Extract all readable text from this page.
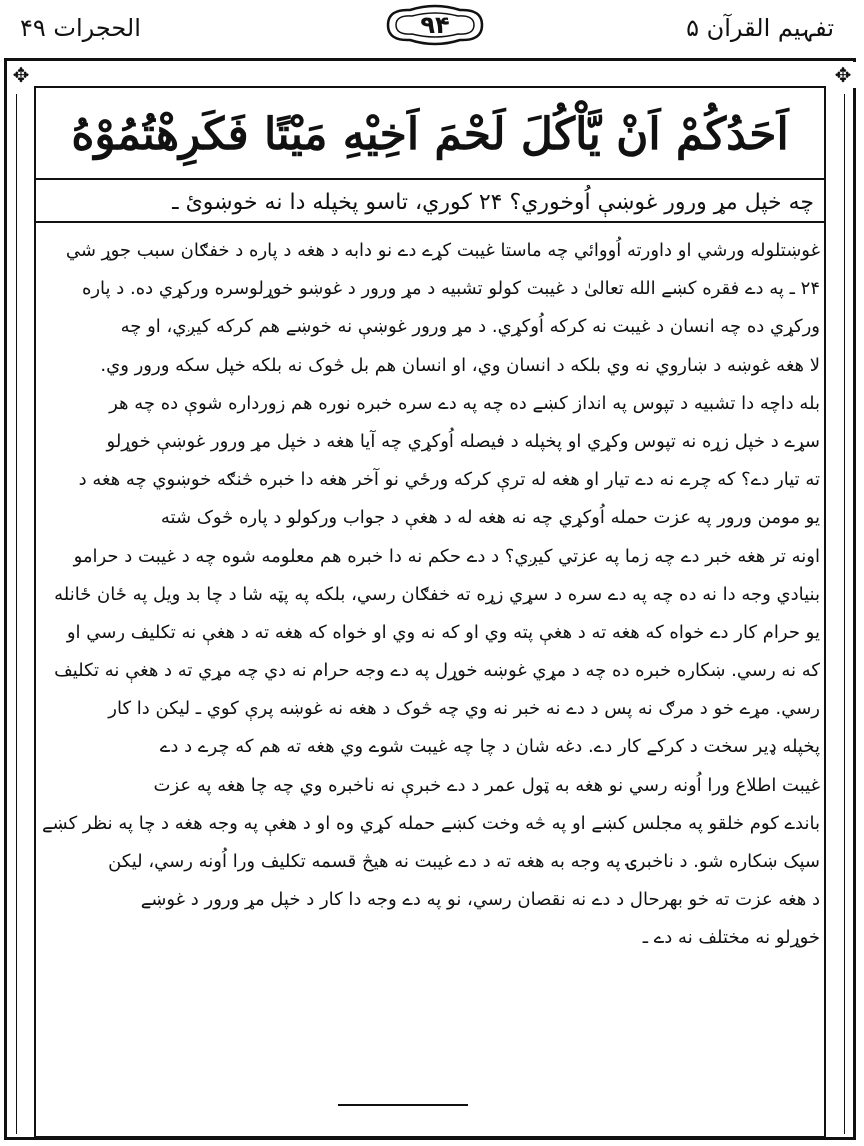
الحجرات ۴۹	۹۴	تفہیم القرآن ۵
✥	✥
اَحَدُكُمْ اَنْ يَّاْكُلَ لَحْمَ اَخِيْهِ مَيْتًا فَكَرِهْتُمُوْهُ
چه خپل مړ ورور غوښې اُوخوري؟ ۲۴ کوري، تاسو پخپله دا نه خوښوئ ـ

غوښتلوله ورشي او داورته اُووائي چه ماستا غيبت کړے دے نو دابه د هغه د پاره د خفګان سبب جوړ شي

۲۴ ـ په دے فقره کښے الله تعالىٰ د غيبت کولو تشبيه د مړ ورور د غوښو خوړلوسره ورکړي ده. د پاره

ورکړي ده چه انسان د غيبت نه کرکه اُوکړي. د مړ ورور غوښې نه خوښے هم کرکه کيږي، او چه

لا هغه غوښه د ښاروي نه وي بلکه د انسان وي، او انسان هم بل څوک نه بلکه خپل سکه ورور وي.

بله داچه دا تشبيه د تپوس په انداز کښے ده چه په دے سره خبره نوره هم زورداره شوې ده چه هر

سړے د خپل زړه نه تپوس وکړي او پخپله د فيصله اُوکړي چه آيا هغه د خپل مړ ورور غوښې خوړلو

ته تيار دے؟ که چرے نه دے تيار او هغه له ترې کرکه ورځي نو آخر هغه دا خبره څنګه خوښوي چه هغه د

يو مومن ورور په عزت حمله اُوکړي چه نه هغه له د هغې د جواب ورکولو د پاره څوک شته

اونه تر هغه خبر دے چه زما په عزتي کيږي؟ د دے حکم نه دا خبره هم معلومه شوه چه د غيبت د حرامو

بنيادي وجه دا نه ده چه په دے سره د سړي زړه ته خفګان رسي، بلکه په پټه شا د چا بد ويل په ځان ځانله

يو حرام کار دے خواه که هغه ته د هغې پته وي او که نه وي او خواه که هغه ته د هغې نه تکليف رسي او

که نه رسي. ښکاره خبره ده چه د مړي غوښه خوړل په دے وجه حرام نه دي چه مړي ته د هغې نه تکليف

رسي. مړے خو د مرګ نه پس د دے نه خبر نه وي چه څوک د هغه نه غوښه پرې کوي ـ ليکن دا کار

پخپله ډير سخت د کرکے کار دے. دغه شان د چا چه غيبت شوے وي هغه ته هم که چرے د دے

غيبت اطلاع ورا اُونه رسي نو هغه به ټول عمر د دے خبرې نه ناخبره وي چه چا هغه په عزت

باندے کوم خلقو په مجلس کښے او په څه وخت کښے حمله کړي وه او د هغې په وجه هغه د چا په نظر کښے

سپک ښکاره شو. د ناخبرۍ په وجه به هغه ته د دے غيبت نه هيڅ قسمه تکليف ورا اُونه رسي، ليکن

د هغه عزت ته خو بهرحال د دے نه نقصان رسي، نو په دے وجه دا کار د خپل مړ ورور د غوښے

خوړلو نه مختلف نه دے ـ
